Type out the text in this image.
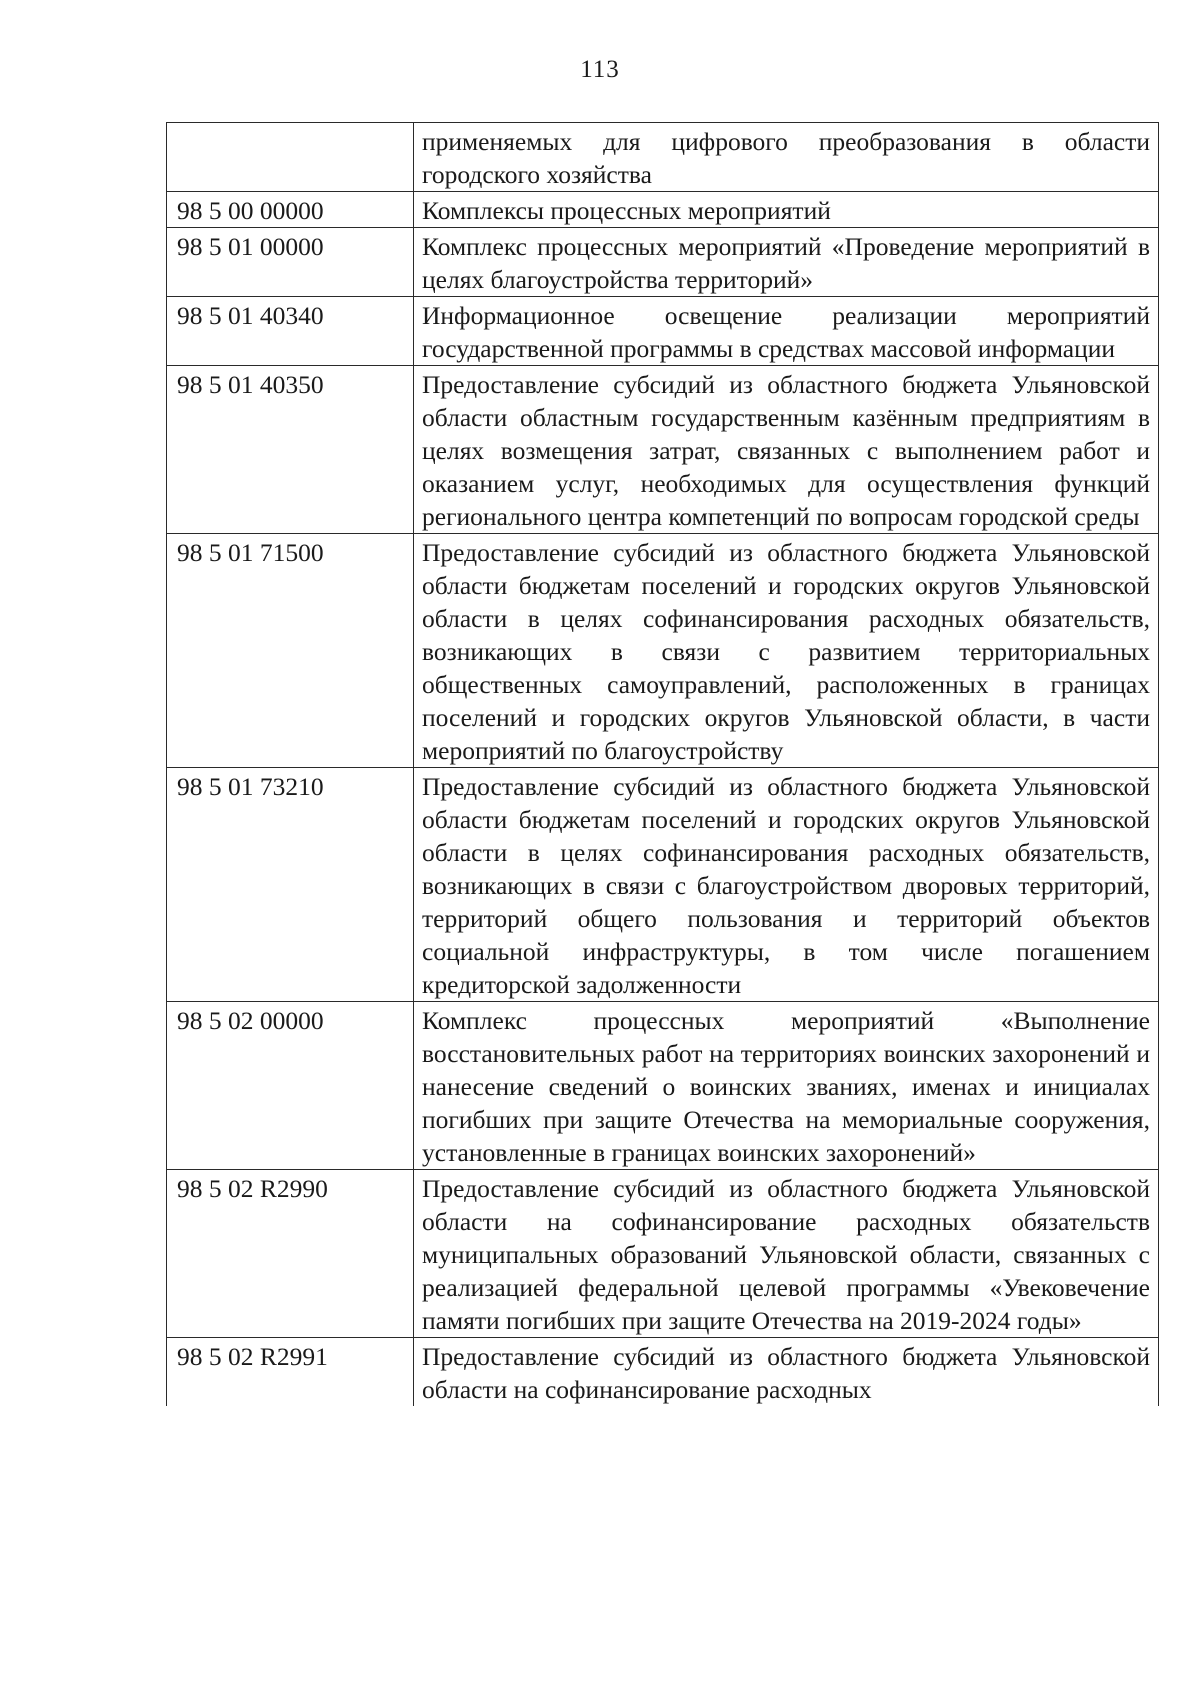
113
	применяемых для цифрового преобразования в области городского хозяйства
98 5 00 00000	Комплексы процессных мероприятий
98 5 01 00000	Комплекс процессных мероприятий «Проведение мероприятий в целях благоустройства территорий»
98 5 01 40340	Информационное освещение реализации мероприятий государственной программы в средствах массовой информации
98 5 01 40350	Предоставление субсидий из областного бюджета Ульяновской области областным государственным казённым предприятиям в целях возмещения затрат, связанных с выполнением работ и оказанием услуг, необходимых для осуществления функций регионального центра компетенций по вопросам городской среды
98 5 01 71500	Предоставление субсидий из областного бюджета Ульяновской области бюджетам поселений и городских округов Ульяновской области в целях софинансирования расходных обязательств, возникающих в связи с развитием территориальных общественных самоуправлений, расположенных в границах поселений и городских округов Ульяновской области, в части мероприятий по благоустройству
98 5 01 73210	Предоставление субсидий из областного бюджета Ульяновской области бюджетам поселений и городских округов Ульяновской области в целях софинансирования расходных обязательств, возникающих в связи с благоустройством дворовых территорий, территорий общего пользования и территорий объектов социальной инфраструктуры, в том числе погашением кредиторской задолженности
98 5 02 00000	Комплекс процессных мероприятий «Выполнение восстановительных работ на территориях воинских захоронений и нанесение сведений о воинских званиях, именах и инициалах погибших при защите Отечества на мемориальные сооружения, установленные в границах воинских захоронений»
98 5 02 R2990	Предоставление субсидий из областного бюджета Ульяновской области на софинансирование расходных обязательств муниципальных образований Ульяновской области, связанных с реализацией федеральной целевой программы «Увековечение памяти погибших при защите Отечества на 2019-2024 годы»
98 5 02 R2991	Предоставление субсидий из областного бюджета Ульяновской области на софинансирование расходных
